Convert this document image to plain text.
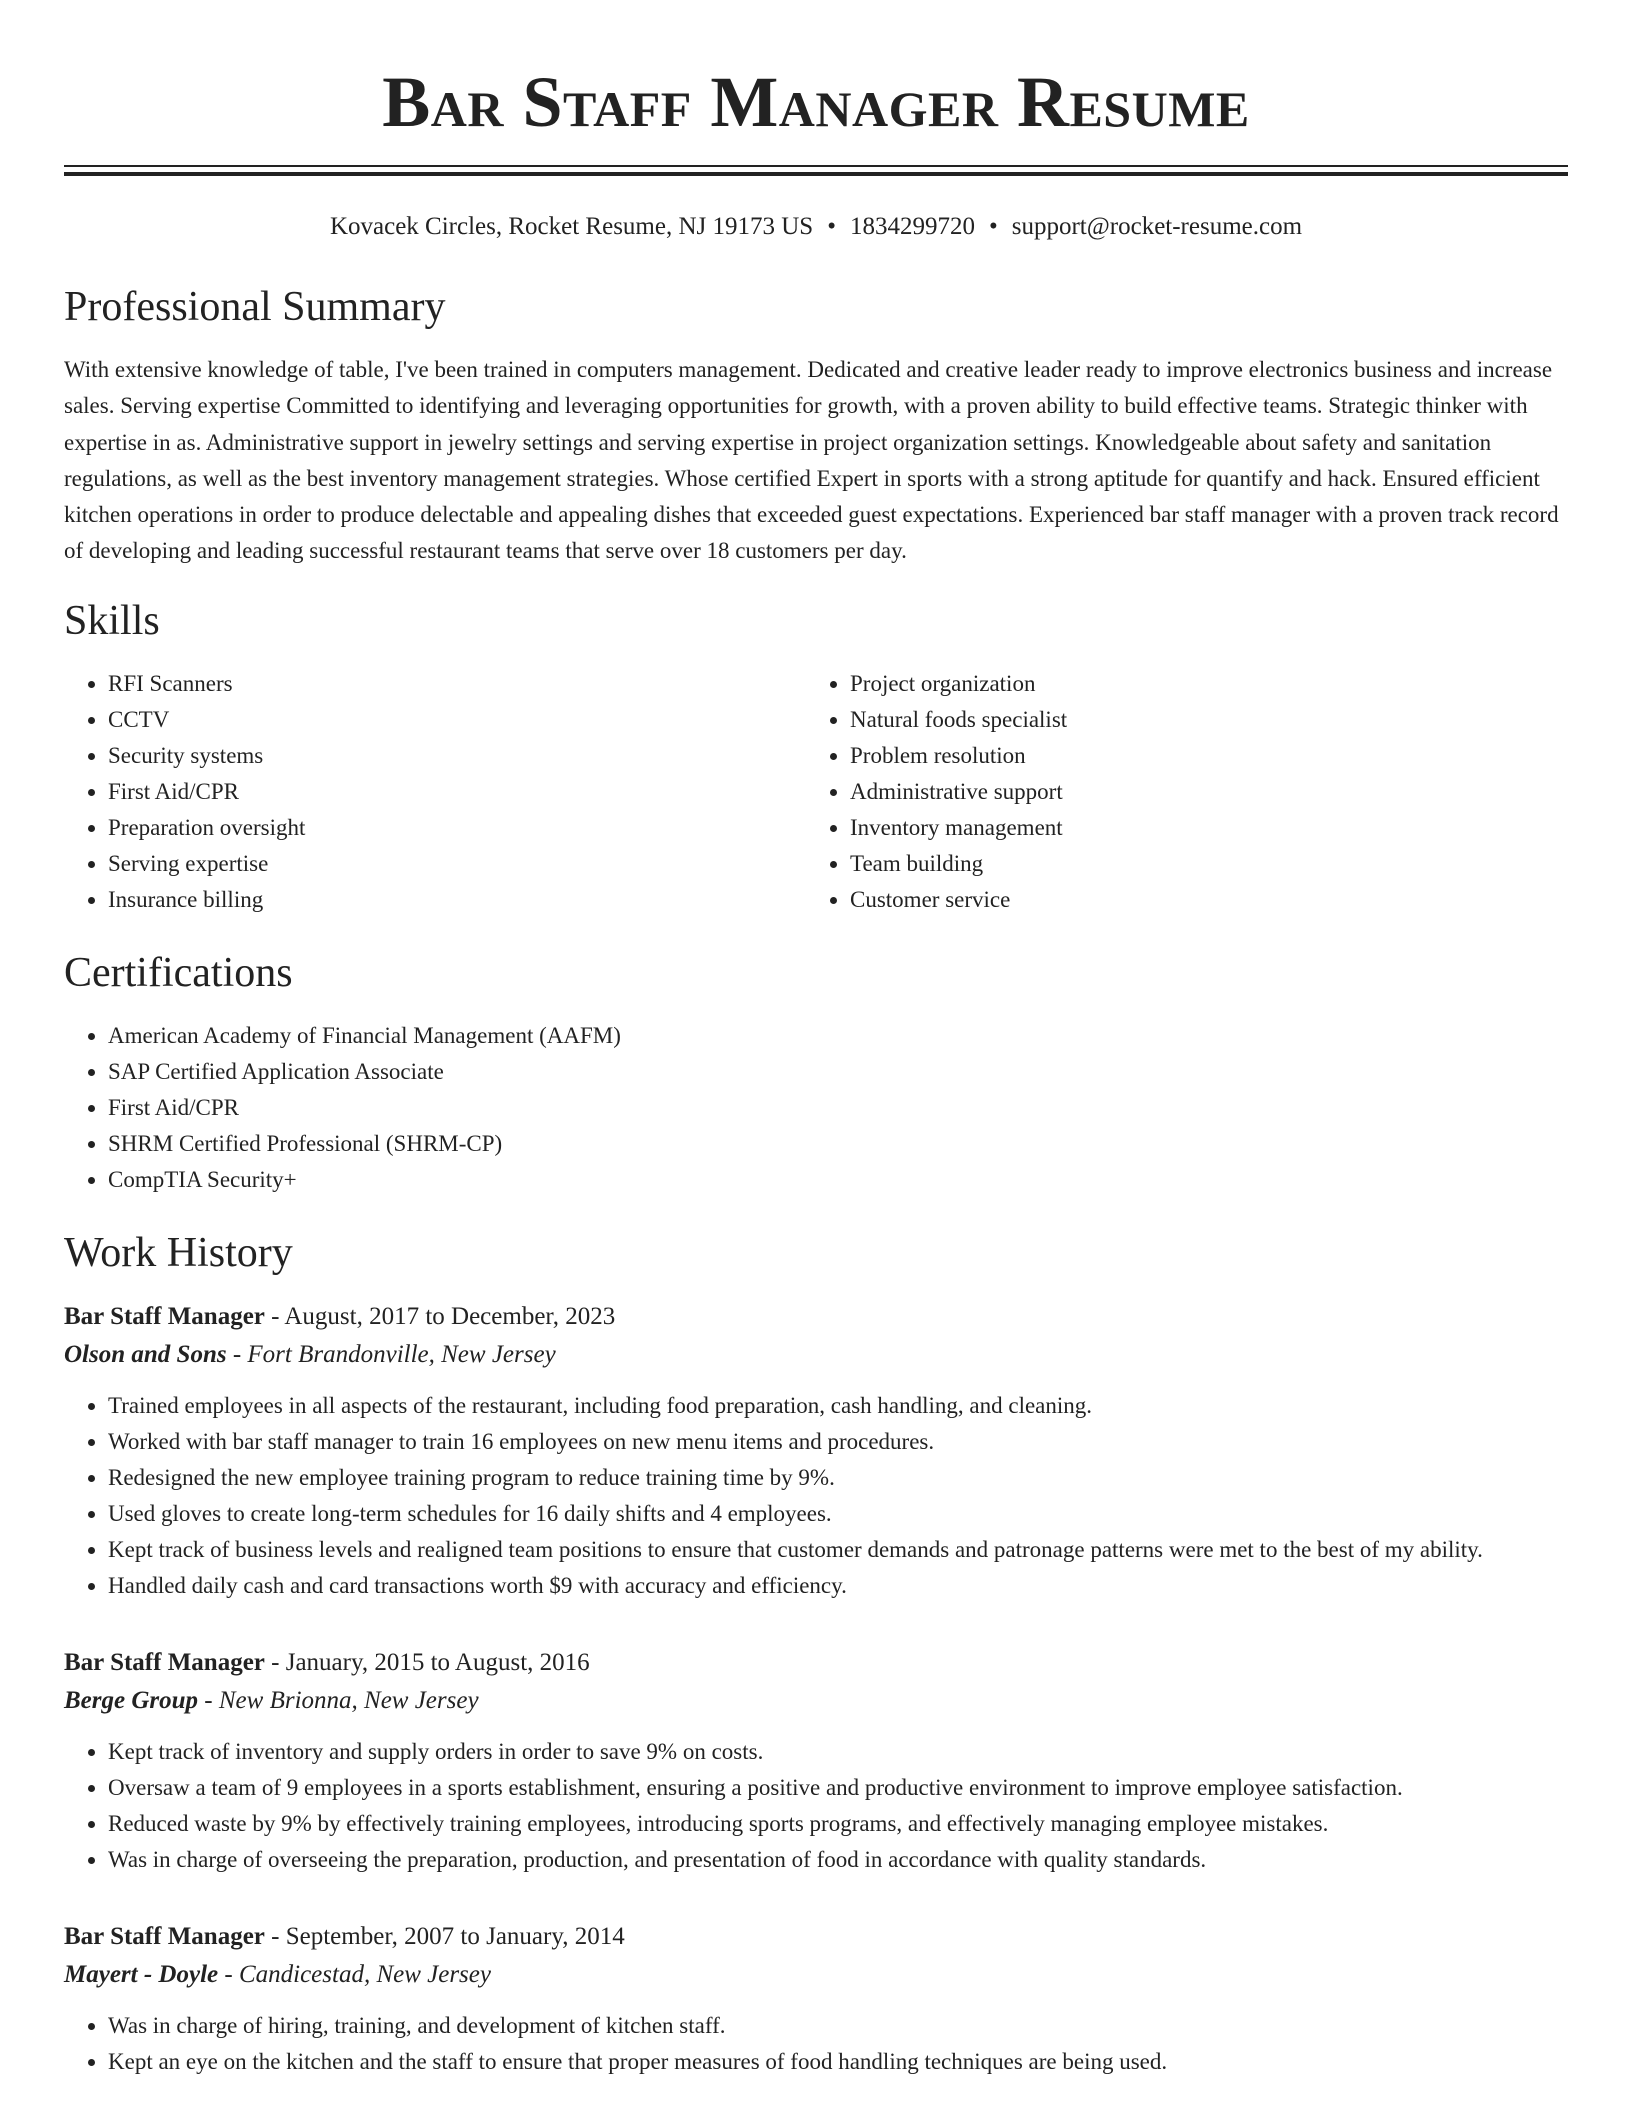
Bar Staff Manager Resume
Kovacek Circles, Rocket Resume, NJ 19173 US • 1834299720 • support@rocket-resume.com
Professional Summary

With extensive knowledge of table, I've been trained in computers management. Dedicated and creative leader ready to improve electronics business and increase sales. Serving expertise Committed to identifying and leveraging opportunities for growth, with a proven ability to build effective teams. Strategic thinker with expertise in as. Administrative support in jewelry settings and serving expertise in project organization settings. Knowledgeable about safety and sanitation regulations, as well as the best inventory management strategies. Whose certified Expert in sports with a strong aptitude for quantify and hack. Ensured efficient kitchen operations in order to produce delectable and appealing dishes that exceeded guest expectations. Experienced bar staff manager with a proven track record of developing and leading successful restaurant teams that serve over 18 customers per day.

Skills
• RFI Scanners
• CCTV
• Security systems
• First Aid/CPR
• Preparation oversight
• Serving expertise
• Insurance billing
• Project organization
• Natural foods specialist
• Problem resolution
• Administrative support
• Inventory management
• Team building
• Customer service
Certifications
• American Academy of Financial Management (AAFM)
• SAP Certified Application Associate
• First Aid/CPR
• SHRM Certified Professional (SHRM-CP)
• CompTIA Security+
Work History
Bar Staff Manager - August, 2017 to December, 2023
Olson and Sons - Fort Brandonville, New Jersey
• Trained employees in all aspects of the restaurant, including food preparation, cash handling, and cleaning.
• Worked with bar staff manager to train 16 employees on new menu items and procedures.
• Redesigned the new employee training program to reduce training time by 9%.
• Used gloves to create long-term schedules for 16 daily shifts and 4 employees.
• Kept track of business levels and realigned team positions to ensure that customer demands and patronage patterns were met to the best of my ability.
• Handled daily cash and card transactions worth $9 with accuracy and efficiency.
Bar Staff Manager - January, 2015 to August, 2016
Berge Group - New Brionna, New Jersey
• Kept track of inventory and supply orders in order to save 9% on costs.
• Oversaw a team of 9 employees in a sports establishment, ensuring a positive and productive environment to improve employee satisfaction.
• Reduced waste by 9% by effectively training employees, introducing sports programs, and effectively managing employee mistakes.
• Was in charge of overseeing the preparation, production, and presentation of food in accordance with quality standards.
Bar Staff Manager - September, 2007 to January, 2014
Mayert - Doyle - Candicestad, New Jersey
• Was in charge of hiring, training, and development of kitchen staff.
• Kept an eye on the kitchen and the staff to ensure that proper measures of food handling techniques are being used.
